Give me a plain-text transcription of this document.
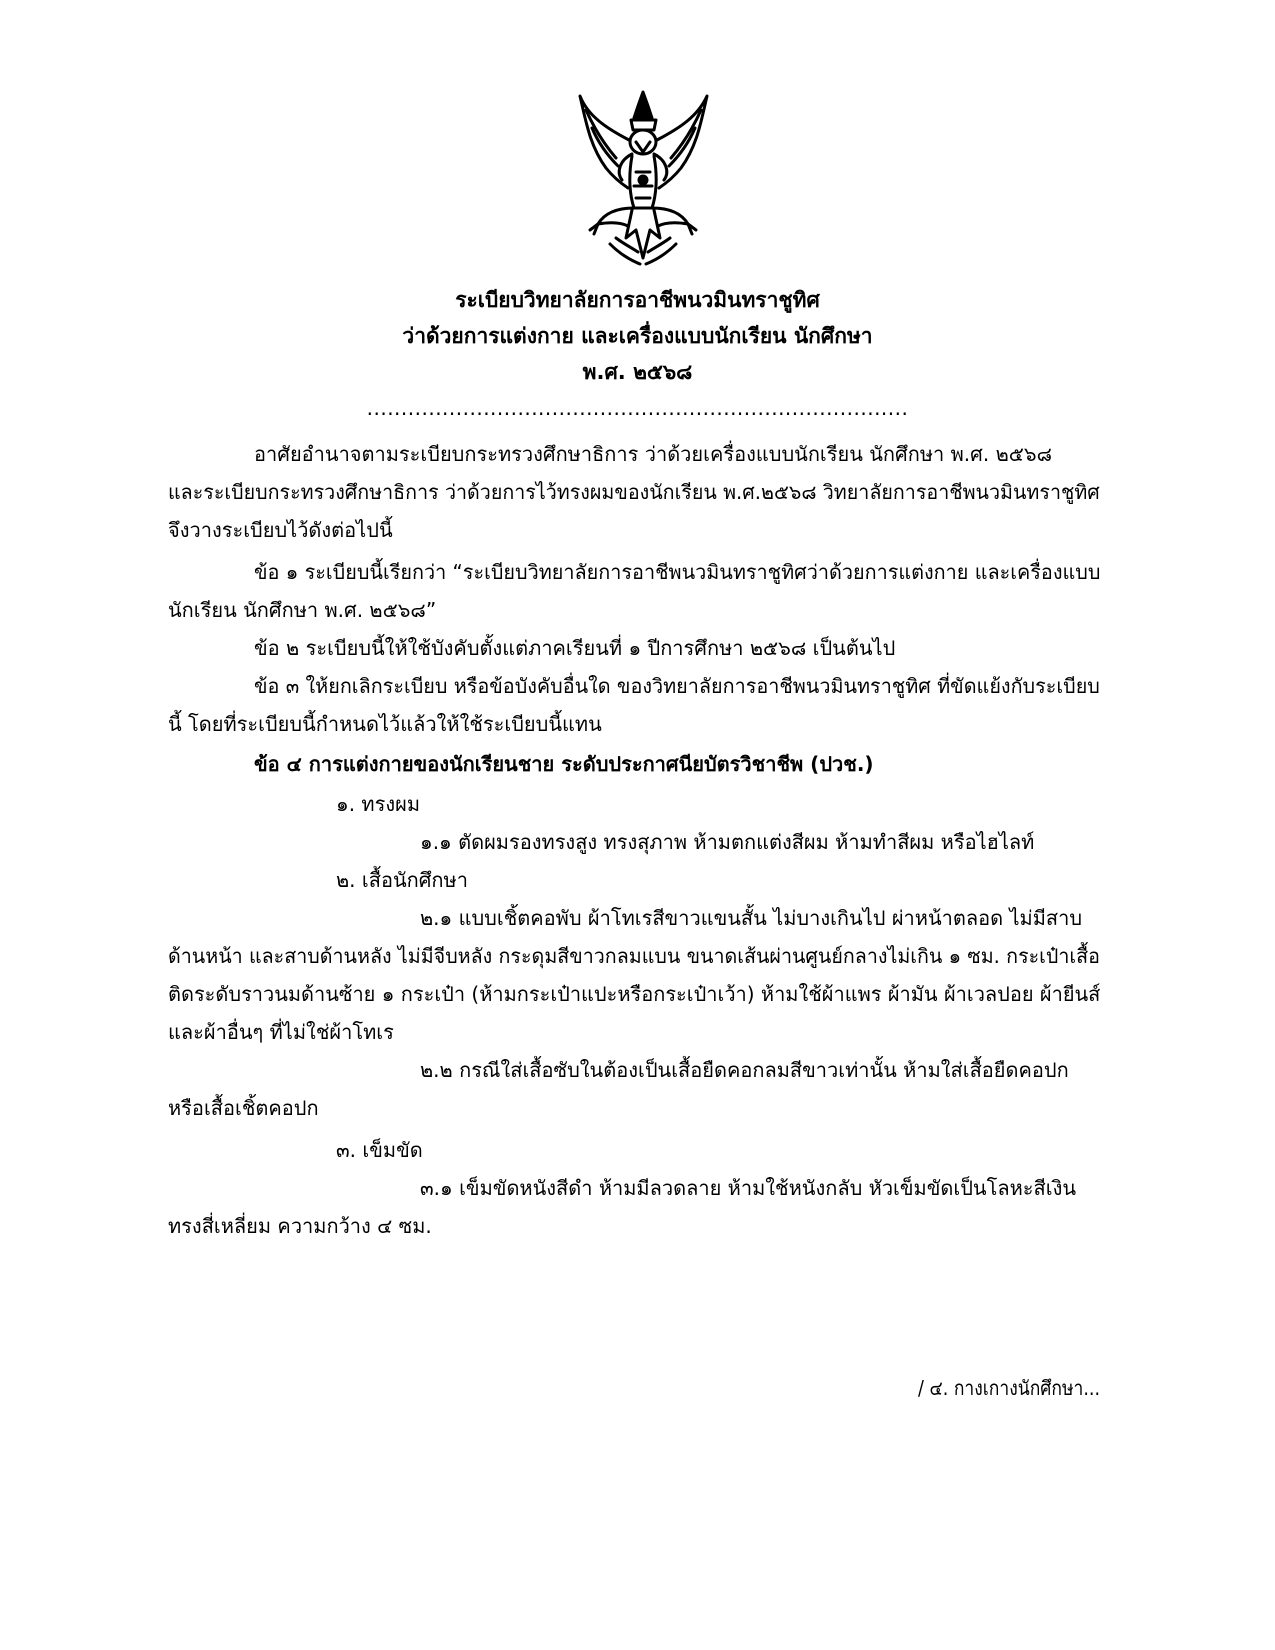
ระเบียบวิทยาลัยการอาชีพนวมินทราชูทิศ
ว่าด้วยการแต่งกาย และเครื่องแบบนักเรียน นักศึกษา
พ.ศ. ๒๕๖๘
...............................................................................
อาศัยอำนาจตามระเบียบกระทรวงศึกษาธิการ ว่าด้วยเครื่องแบบนักเรียน นักศึกษา พ.ศ. ๒๕๖๘
และระเบียบกระทรวงศึกษาธิการ ว่าด้วยการไว้ทรงผมของนักเรียน พ.ศ.๒๕๖๘ วิทยาลัยการอาชีพนวมินทราชูทิศ
จึงวางระเบียบไว้ดังต่อไปนี้
ข้อ ๑ ระเบียบนี้เรียกว่า “ระเบียบวิทยาลัยการอาชีพนวมินทราชูทิศว่าด้วยการแต่งกาย และเครื่องแบบ
นักเรียน นักศึกษา พ.ศ. ๒๕๖๘”
ข้อ ๒ ระเบียบนี้ให้ใช้บังคับตั้งแต่ภาคเรียนที่ ๑ ปีการศึกษา ๒๕๖๘ เป็นต้นไป
ข้อ ๓ ให้ยกเลิกระเบียบ หรือข้อบังคับอื่นใด ของวิทยาลัยการอาชีพนวมินทราชูทิศ ที่ขัดแย้งกับระเบียบ
นี้ โดยที่ระเบียบนี้กำหนดไว้แล้วให้ใช้ระเบียบนี้แทน
ข้อ ๔ การแต่งกายของนักเรียนชาย ระดับประกาศนียบัตรวิชาชีพ (ปวช.)
๑. ทรงผม
๑.๑ ตัดผมรองทรงสูง ทรงสุภาพ ห้ามตกแต่งสีผม ห้ามทำสีผม หรือไฮไลท์
๒. เสื้อนักศึกษา
๒.๑ แบบเชิ้ตคอพับ ผ้าโทเรสีขาวแขนสั้น ไม่บางเกินไป ผ่าหน้าตลอด ไม่มีสาบ
ด้านหน้า และสาบด้านหลัง ไม่มีจีบหลัง กระดุมสีขาวกลมแบน ขนาดเส้นผ่านศูนย์กลางไม่เกิน ๑ ซม. กระเป๋าเสื้อ
ติดระดับราวนมด้านซ้าย ๑ กระเป๋า (ห้ามกระเป๋าแปะหรือกระเป๋าเว้า) ห้ามใช้ผ้าแพร ผ้ามัน ผ้าเวลปอย ผ้ายีนส์
และผ้าอื่นๆ ที่ไม่ใช่ผ้าโทเร
๒.๒ กรณีใส่เสื้อซับในต้องเป็นเสื้อยืดคอกลมสีขาวเท่านั้น ห้ามใส่เสื้อยืดคอปก
หรือเสื้อเชิ้ตคอปก
๓. เข็มขัด
๓.๑ เข็มขัดหนังสีดำ ห้ามมีลวดลาย ห้ามใช้หนังกลับ หัวเข็มขัดเป็นโลหะสีเงิน
ทรงสี่เหลี่ยม ความกว้าง ๔ ซม.
/ ๔. กางเกางนักศึกษา...
